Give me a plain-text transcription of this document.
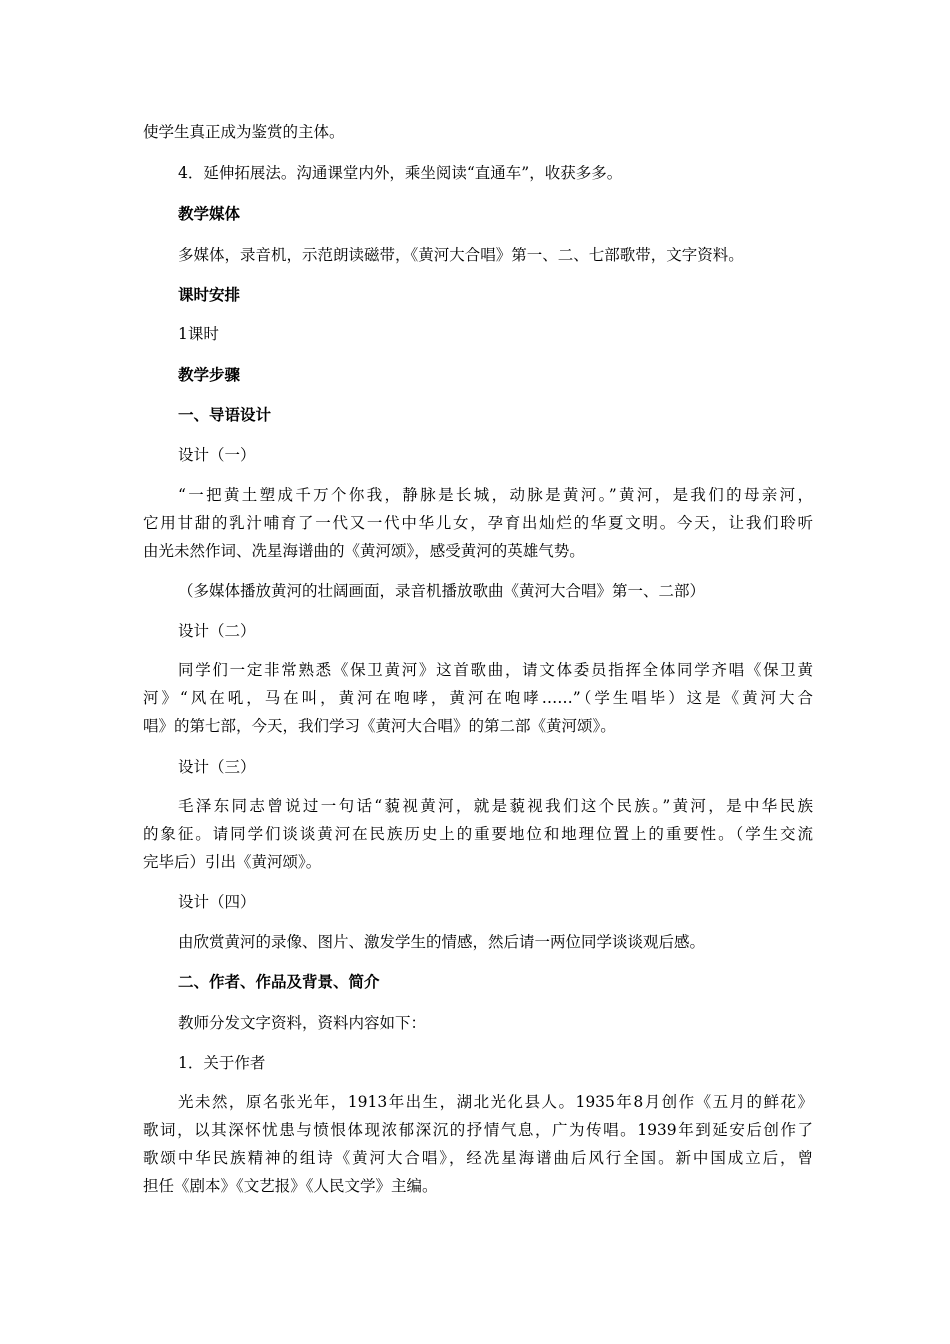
使学生真正成为鉴赏的主体。
4．延伸拓展法。沟通课堂内外，乘坐阅读“直通车”，收获多多。
教学媒体
多媒体，录音机，示范朗读磁带，《黄河大合唱》第一、二、七部歌带，文字资料。
课时安排
1课时
教学步骤
一、导语设计
设计（一）
“一把黄土塑成千万个你我，静脉是长城，动脉是黄河。”黄河，是我们的母亲河，
它用甘甜的乳汁哺育了一代又一代中华儿女，孕育出灿烂的华夏文明。今天，让我们聆听
由光未然作词、冼星海谱曲的《黄河颂》，感受黄河的英雄气势。
（多媒体播放黄河的壮阔画面，录音机播放歌曲《黄河大合唱》第一、二部）
设计（二）
同学们一定非常熟悉《保卫黄河》这首歌曲，请文体委员指挥全体同学齐唱《保卫黄
河》“风在吼，马在叫，黄河在咆哮，黄河在咆哮……”（学生唱毕）这是《黄河大合
唱》的第七部，今天，我们学习《黄河大合唱》的第二部《黄河颂》。
设计（三）
毛泽东同志曾说过一句话“藐视黄河，就是藐视我们这个民族。”黄河，是中华民族
的象征。请同学们谈谈黄河在民族历史上的重要地位和地理位置上的重要性。（学生交流
完毕后）引出《黄河颂》。
设计（四）
由欣赏黄河的录像、图片、激发学生的情感，然后请一两位同学谈谈观后感。
二、作者、作品及背景、简介
教师分发文字资料，资料内容如下：
1．关于作者
光未然，原名张光年，1913年出生，湖北光化县人。1935年8月创作《五月的鲜花》
歌词，以其深怀忧患与愤恨体现浓郁深沉的抒情气息，广为传唱。1939年到延安后创作了
歌颂中华民族精神的组诗《黄河大合唱》，经冼星海谱曲后风行全国。新中国成立后，曾
担任《剧本》《文艺报》《人民文学》主编。
